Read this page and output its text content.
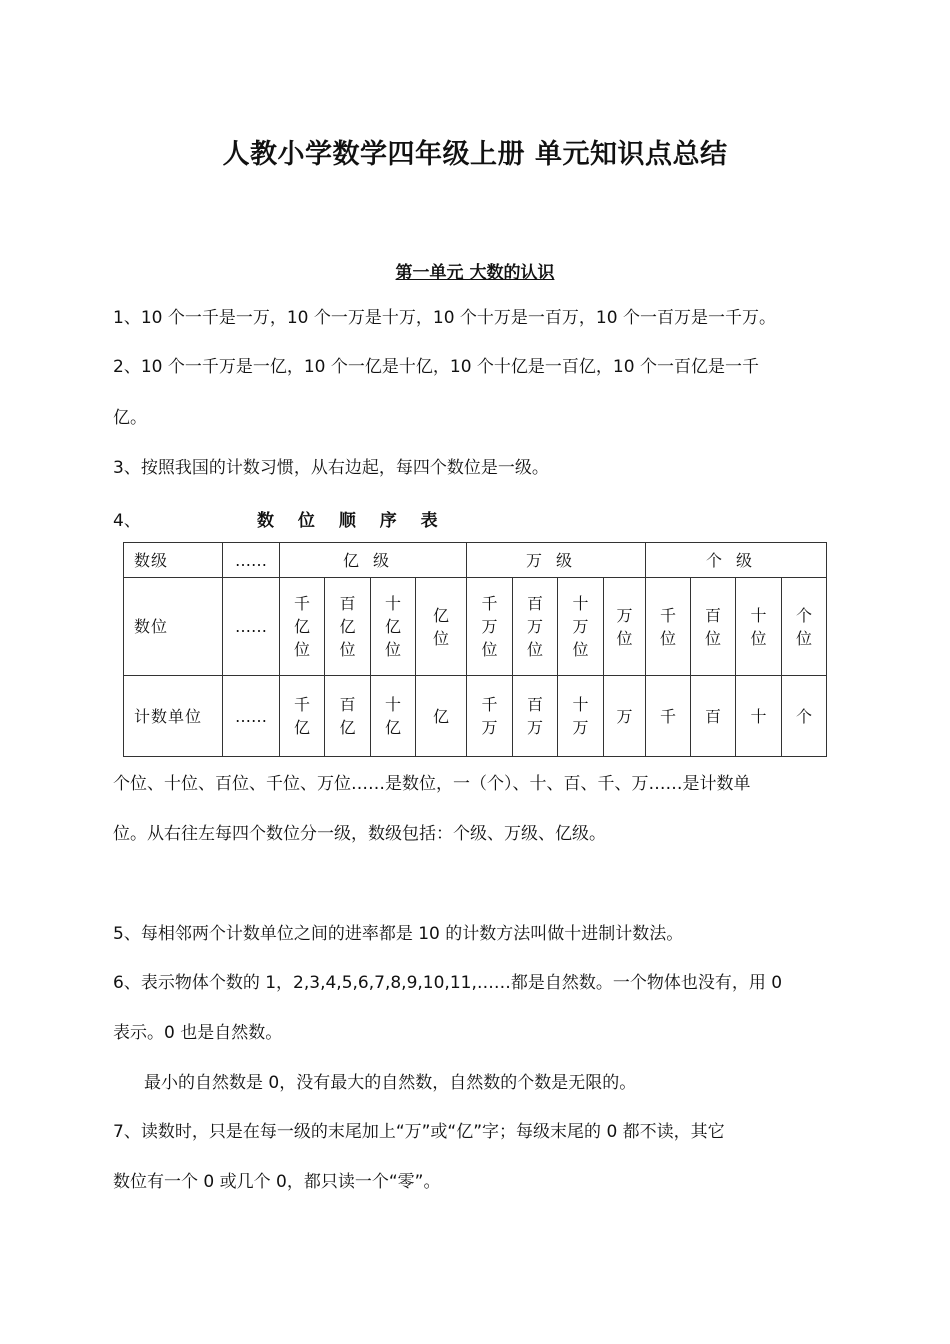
人教小学数学四年级上册 单元知识点总结
第一单元 大数的认识
1、10 个一千是一万，10 个一万是十万，10 个十万是一百万，10 个一百万是一千万。
2、10 个一千万是一亿，10 个一亿是十亿，10 个十亿是一百亿，10 个一百亿是一千
亿。
3、按照我国的计数习惯，从右边起，每四个数位是一级。
4、	数 位 顺 序 表
数级	……	亿级				万级				个级			
数位	……	千亿位	百亿位	十亿位	亿位	千万位	百万位	十万位	万位	千位	百位	十位	个位
计数单位	……	千亿	百亿	十亿	亿	千万	百万	十万	万	千	百	十	个
个位、十位、百位、千位、万位……是数位，一（个）、十、百、千、万……是计数单
位。从右往左每四个数位分一级，数级包括：个级、万级、亿级。
5、每相邻两个计数单位之间的进率都是 10 的计数方法叫做十进制计数法。
6、表示物体个数的 1，2,3,4,5,6,7,8,9,10,11,……都是自然数。一个物体也没有，用 0
表示。0 也是自然数。
最小的自然数是 0，没有最大的自然数，自然数的个数是无限的。
7、读数时，只是在每一级的末尾加上“万”或“亿”字；每级末尾的 0 都不读，其它
数位有一个 0 或几个 0，都只读一个“零”。
